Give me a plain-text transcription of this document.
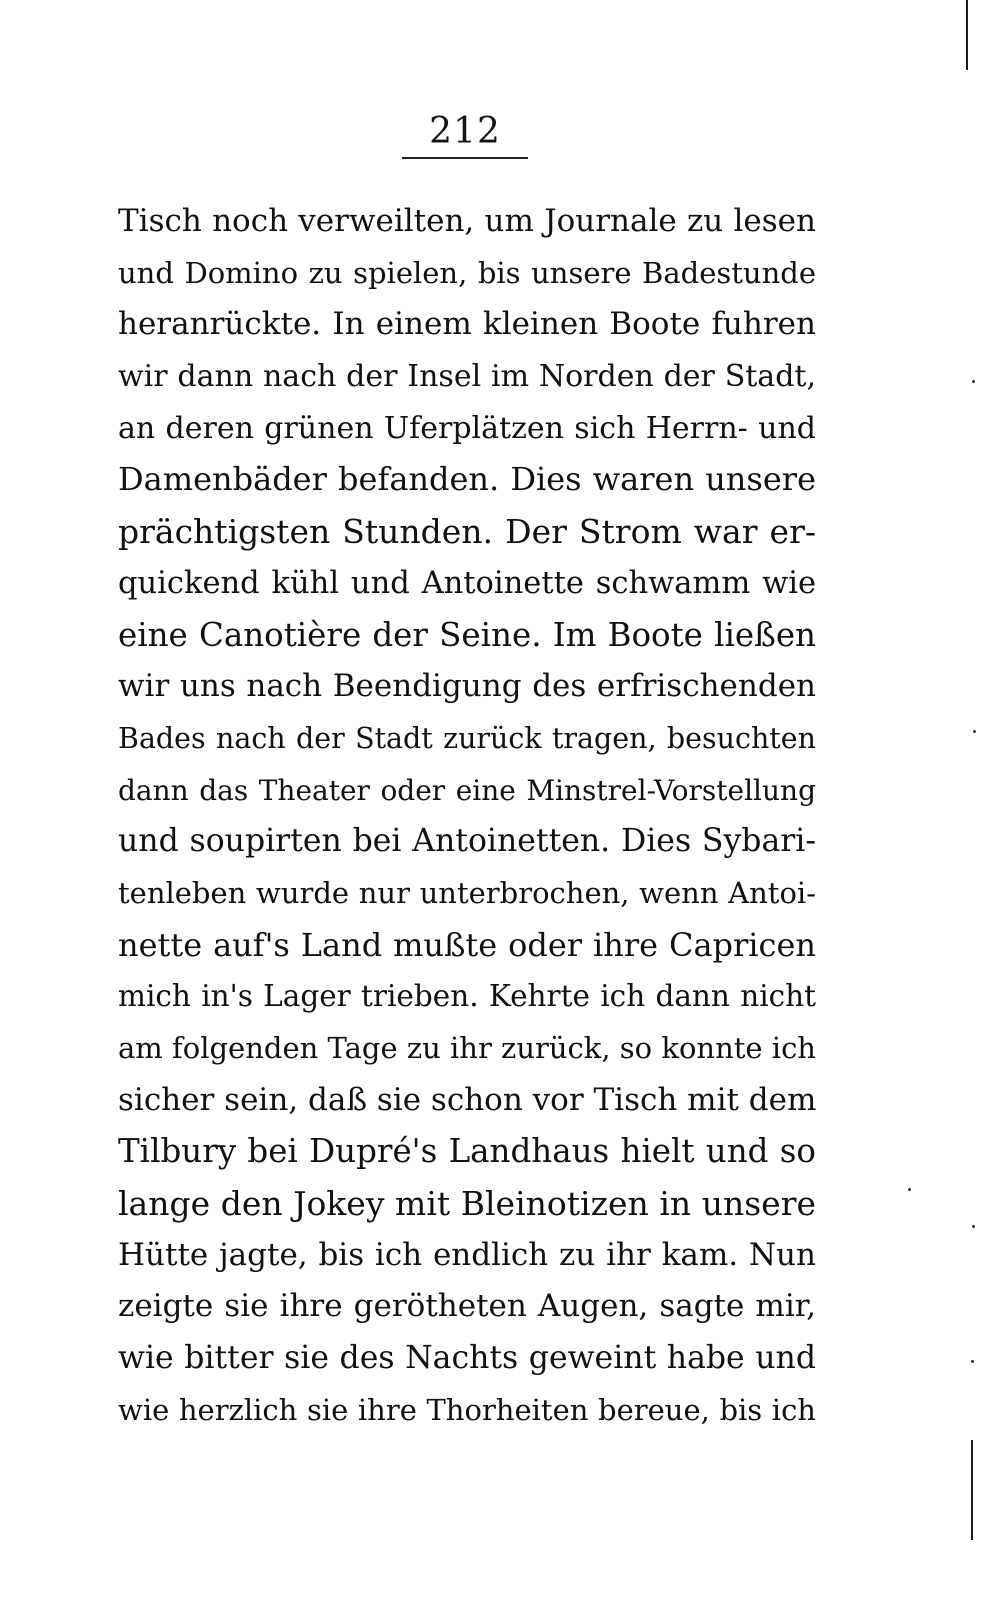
212
Tisch noch verweilten, um Journale zu lesen
und Domino zu spielen, bis unsere Badestunde
heranrückte. In einem kleinen Boote fuhren
wir dann nach der Insel im Norden der Stadt,
an deren grünen Uferplätzen sich Herrn- und
Damenbäder befanden. Dies waren unsere
prächtigsten Stunden. Der Strom war er-
quickend kühl und Antoinette schwamm wie
eine Canotière der Seine. Im Boote ließen
wir uns nach Beendigung des erfrischenden
Bades nach der Stadt zurück tragen, besuchten
dann das Theater oder eine Minstrel-Vorstellung
und soupirten bei Antoinetten. Dies Sybari-
tenleben wurde nur unterbrochen, wenn Antoi-
nette auf's Land mußte oder ihre Capricen
mich in's Lager trieben. Kehrte ich dann nicht
am folgenden Tage zu ihr zurück, so konnte ich
sicher sein, daß sie schon vor Tisch mit dem
Tilbury bei Dupré's Landhaus hielt und so
lange den Jokey mit Bleinotizen in unsere
Hütte jagte, bis ich endlich zu ihr kam. Nun
zeigte sie ihre gerötheten Augen, sagte mir,
wie bitter sie des Nachts geweint habe und
wie herzlich sie ihre Thorheiten bereue, bis ich
